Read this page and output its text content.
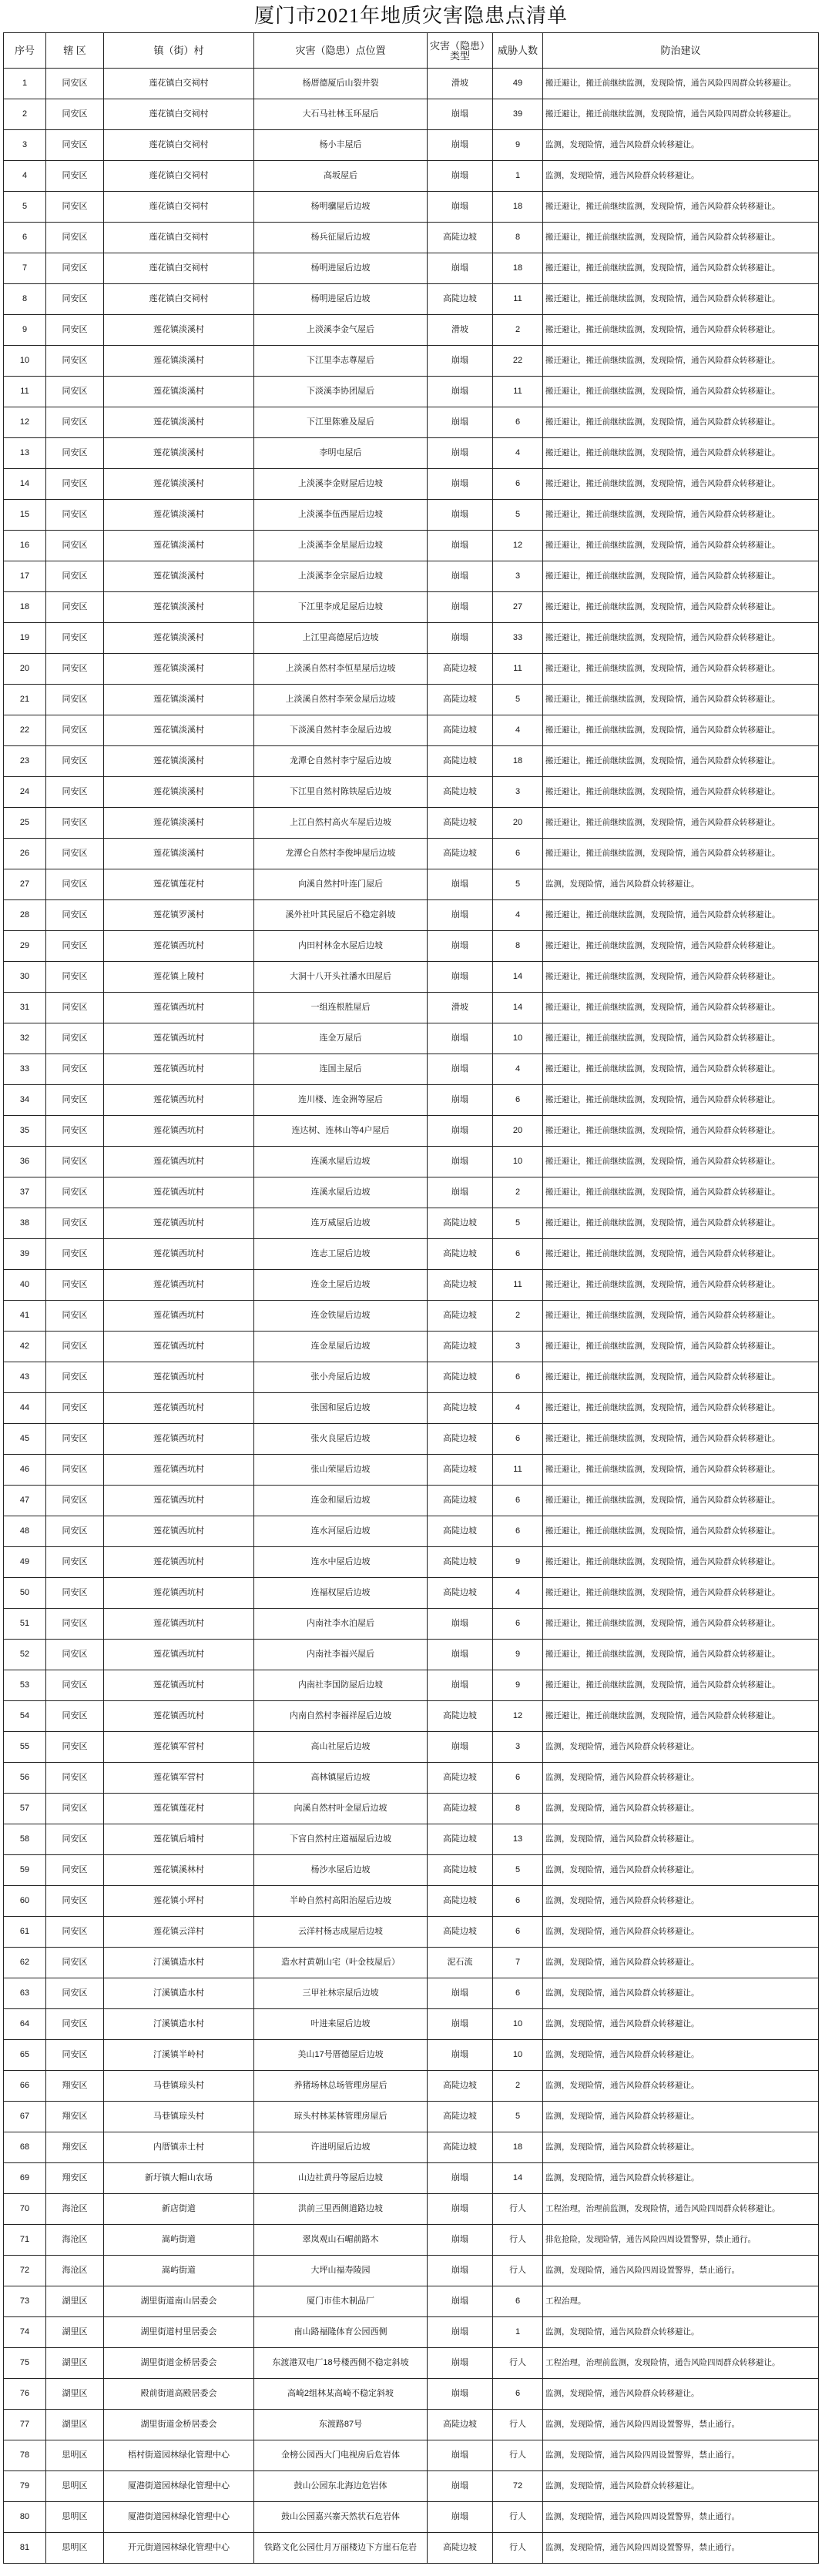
厦门市2021年地质灾害隐患点清单
序号	辖 区	镇（街）村	灾害（隐患）点位置	灾害（隐患）类型	威胁人数	防治建议
1	同安区	莲花镇白交祠村	杨厝德厦后山裂井裂	滑坡	49	搬迁避让，搬迁前继续监测，发现险情，通告风险四周群众转移避让。
2	同安区	莲花镇白交祠村	大石马社林玉环屋后	崩塌	39	搬迁避让，搬迁前继续监测，发现险情，通告风险四周群众转移避让。
3	同安区	莲花镇白交祠村	杨小丰屋后	崩塌	9	监测，发现险情，通告风险群众转移避让。
4	同安区	莲花镇白交祠村	高坂屋后	崩塌	1	监测，发现险情，通告风险群众转移避让。
5	同安区	莲花镇白交祠村	杨明骥屋后边坡	崩塌	18	搬迁避让，搬迁前继续监测，发现险情，通告风险群众转移避让。
6	同安区	莲花镇白交祠村	杨兵征屋后边坡	高陡边坡	8	搬迁避让，搬迁前继续监测，发现险情，通告风险群众转移避让。
7	同安区	莲花镇白交祠村	杨明进屋后边坡	崩塌	18	搬迁避让，搬迁前继续监测，发现险情，通告风险群众转移避让。
8	同安区	莲花镇白交祠村	杨明进屋后边坡	高陡边坡	11	搬迁避让，搬迁前继续监测，发现险情，通告风险群众转移避让。
9	同安区	莲花镇淡溪村	上淡溪李金气屋后	滑坡	2	搬迁避让，搬迁前继续监测，发现险情，通告风险群众转移避让。
10	同安区	莲花镇淡溪村	下江里李志尊屋后	崩塌	22	搬迁避让，搬迁前继续监测，发现险情，通告风险群众转移避让。
11	同安区	莲花镇淡溪村	下淡溪李协团屋后	崩塌	11	搬迁避让，搬迁前继续监测，发现险情，通告风险群众转移避让。
12	同安区	莲花镇淡溪村	下江里陈雅及屋后	崩塌	6	搬迁避让，搬迁前继续监测，发现险情，通告风险群众转移避让。
13	同安区	莲花镇淡溪村	李明屯屋后	崩塌	4	搬迁避让，搬迁前继续监测，发现险情，通告风险群众转移避让。
14	同安区	莲花镇淡溪村	上淡溪李金财屋后边坡	崩塌	6	搬迁避让，搬迁前继续监测，发现险情，通告风险群众转移避让。
15	同安区	莲花镇淡溪村	上淡溪李伍西屋后边坡	崩塌	5	搬迁避让，搬迁前继续监测，发现险情，通告风险群众转移避让。
16	同安区	莲花镇淡溪村	上淡溪李金星屋后边坡	崩塌	12	搬迁避让，搬迁前继续监测，发现险情，通告风险群众转移避让。
17	同安区	莲花镇淡溪村	上淡溪李金宗屋后边坡	崩塌	3	搬迁避让，搬迁前继续监测，发现险情，通告风险群众转移避让。
18	同安区	莲花镇淡溪村	下江里李成足屋后边坡	崩塌	27	搬迁避让，搬迁前继续监测，发现险情，通告风险群众转移避让。
19	同安区	莲花镇淡溪村	上江里高德屋后边坡	崩塌	33	搬迁避让，搬迁前继续监测，发现险情，通告风险群众转移避让。
20	同安区	莲花镇淡溪村	上淡溪自然村李恒星屋后边坡	高陡边坡	11	搬迁避让，搬迁前继续监测，发现险情，通告风险群众转移避让。
21	同安区	莲花镇淡溪村	上淡溪自然村李荣金屋后边坡	高陡边坡	5	搬迁避让，搬迁前继续监测，发现险情，通告风险群众转移避让。
22	同安区	莲花镇淡溪村	下淡溪自然村李金屋后边坡	高陡边坡	4	搬迁避让，搬迁前继续监测，发现险情，通告风险群众转移避让。
23	同安区	莲花镇淡溪村	龙潭仑自然村李宁屋后边坡	高陡边坡	18	搬迁避让，搬迁前继续监测，发现险情，通告风险群众转移避让。
24	同安区	莲花镇淡溪村	下江里自然村陈铁屋后边坡	高陡边坡	3	搬迁避让，搬迁前继续监测，发现险情，通告风险群众转移避让。
25	同安区	莲花镇淡溪村	上江自然村高火车屋后边坡	高陡边坡	20	搬迁避让，搬迁前继续监测，发现险情，通告风险群众转移避让。
26	同安区	莲花镇淡溪村	龙潭仑自然村李俊坤屋后边坡	高陡边坡	6	搬迁避让，搬迁前继续监测，发现险情，通告风险群众转移避让。
27	同安区	莲花镇莲花村	向溪自然村叶连门屋后	崩塌	5	监测，发现险情，通告风险群众转移避让。
28	同安区	莲花镇罗溪村	溪外社叶其民屋后不稳定斜坡	崩塌	4	搬迁避让，搬迁前继续监测，发现险情，通告风险群众转移避让。
29	同安区	莲花镇西坑村	内田村林金水屋后边坡	崩塌	8	搬迁避让，搬迁前继续监测，发现险情，通告风险群众转移避让。
30	同安区	莲花镇上陵村	大洞十八开头社潘水田屋后	崩塌	14	搬迁避让，搬迁前继续监测，发现险情，通告风险群众转移避让。
31	同安区	莲花镇西坑村	一组连根胜屋后	滑坡	14	搬迁避让，搬迁前继续监测，发现险情，通告风险群众转移避让。
32	同安区	莲花镇西坑村	连金万屋后	崩塌	10	搬迁避让，搬迁前继续监测，发现险情，通告风险群众转移避让。
33	同安区	莲花镇西坑村	连国主屋后	崩塌	4	搬迁避让，搬迁前继续监测，发现险情，通告风险群众转移避让。
34	同安区	莲花镇西坑村	连川楼、连金洲等屋后	崩塌	6	搬迁避让，搬迁前继续监测，发现险情，通告风险群众转移避让。
35	同安区	莲花镇西坑村	连达树、连林山等4户屋后	崩塌	20	搬迁避让，搬迁前继续监测，发现险情，通告风险群众转移避让。
36	同安区	莲花镇西坑村	连溪水屋后边坡	崩塌	10	搬迁避让，搬迁前继续监测，发现险情，通告风险群众转移避让。
37	同安区	莲花镇西坑村	连溪水屋后边坡	崩塌	2	搬迁避让，搬迁前继续监测，发现险情，通告风险群众转移避让。
38	同安区	莲花镇西坑村	连万威屋后边坡	高陡边坡	5	搬迁避让，搬迁前继续监测，发现险情，通告风险群众转移避让。
39	同安区	莲花镇西坑村	连志工屋后边坡	高陡边坡	6	搬迁避让，搬迁前继续监测，发现险情，通告风险群众转移避让。
40	同安区	莲花镇西坑村	连金土屋后边坡	高陡边坡	11	搬迁避让，搬迁前继续监测，发现险情，通告风险群众转移避让。
41	同安区	莲花镇西坑村	连金铁屋后边坡	高陡边坡	2	搬迁避让，搬迁前继续监测，发现险情，通告风险群众转移避让。
42	同安区	莲花镇西坑村	连金星屋后边坡	高陡边坡	3	搬迁避让，搬迁前继续监测，发现险情，通告风险群众转移避让。
43	同安区	莲花镇西坑村	张小舟屋后边坡	高陡边坡	6	搬迁避让，搬迁前继续监测，发现险情，通告风险群众转移避让。
44	同安区	莲花镇西坑村	张国和屋后边坡	高陡边坡	4	搬迁避让，搬迁前继续监测，发现险情，通告风险群众转移避让。
45	同安区	莲花镇西坑村	张火良屋后边坡	高陡边坡	6	搬迁避让，搬迁前继续监测，发现险情，通告风险群众转移避让。
46	同安区	莲花镇西坑村	张山荣屋后边坡	高陡边坡	11	搬迁避让，搬迁前继续监测，发现险情，通告风险群众转移避让。
47	同安区	莲花镇西坑村	连金和屋后边坡	高陡边坡	6	搬迁避让，搬迁前继续监测，发现险情，通告风险群众转移避让。
48	同安区	莲花镇西坑村	连水河屋后边坡	高陡边坡	6	搬迁避让，搬迁前继续监测，发现险情，通告风险群众转移避让。
49	同安区	莲花镇西坑村	连水中屋后边坡	高陡边坡	9	搬迁避让，搬迁前继续监测，发现险情，通告风险群众转移避让。
50	同安区	莲花镇西坑村	连福权屋后边坡	高陡边坡	4	搬迁避让，搬迁前继续监测，发现险情，通告风险群众转移避让。
51	同安区	莲花镇西坑村	内南社李水泊屋后	崩塌	6	搬迁避让，搬迁前继续监测，发现险情，通告风险群众转移避让。
52	同安区	莲花镇西坑村	内南社李福兴屋后	崩塌	9	搬迁避让，搬迁前继续监测，发现险情，通告风险群众转移避让。
53	同安区	莲花镇西坑村	内南社李国防屋后边坡	崩塌	9	搬迁避让，搬迁前继续监测，发现险情，通告风险群众转移避让。
54	同安区	莲花镇西坑村	内南自然村李福祥屋后边坡	高陡边坡	12	搬迁避让，搬迁前继续监测，发现险情，通告风险群众转移避让。
55	同安区	莲花镇军营村	高山社屋后边坡	崩塌	3	监测，发现险情，通告风险群众转移避让。
56	同安区	莲花镇军营村	高林镇屋后边坡	高陡边坡	6	监测，发现险情，通告风险群众转移避让。
57	同安区	莲花镇莲花村	向溪自然村叶金屋后边坡	高陡边坡	8	监测，发现险情，通告风险群众转移避让。
58	同安区	莲花镇后埔村	下宫自然村庄道福屋后边坡	高陡边坡	13	监测，发现险情，通告风险群众转移避让。
59	同安区	莲花镇溪林村	杨沙水屋后边坡	高陡边坡	5	监测，发现险情，通告风险群众转移避让。
60	同安区	莲花镇小坪村	半岭自然村高阳治屋后边坡	高陡边坡	6	监测，发现险情，通告风险群众转移避让。
61	同安区	莲花镇云洋村	云洋村杨志成屋后边坡	高陡边坡	6	监测，发现险情，通告风险群众转移避让。
62	同安区	汀溪镇造水村	造水村黄朝山宅（叶金枝屋后）	泥石流	7	监测，发现险情，通告风险群众转移避让。
63	同安区	汀溪镇造水村	三甲社林宗屋后边坡	崩塌	6	监测，发现险情，通告风险群众转移避让。
64	同安区	汀溪镇造水村	叶进来屋后边坡	崩塌	10	监测，发现险情，通告风险群众转移避让。
65	同安区	汀溪镇半岭村	美山17号厝德屋后边坡	崩塌	10	监测，发现险情，通告风险群众转移避让。
66	翔安区	马巷镇琼头村	养猪场林总场管理房屋后	高陡边坡	2	监测，发现险情，通告风险群众转移避让。
67	翔安区	马巷镇琼头村	琼头村林某林管理房屋后	高陡边坡	5	监测，发现险情，通告风险群众转移避让。
68	翔安区	内厝镇赤土村	许进明屋后边坡	高陡边坡	18	监测，发现险情，通告风险群众转移避让。
69	翔安区	新圩镇大帽山农场	山边社黄丹等屋后边坡	崩塌	14	监测，发现险情，通告风险群众转移避让。
70	海沧区	新店街道	洪前三里西侧道路边坡	崩塌	行人	工程治理，治理前监测，发现险情，通告风险四周群众转移避让。
71	海沧区	嵩屿街道	翠岚观山石嵋前路木	崩塌	行人	排危抢险，发现险情，通告风险四周设置警界，禁止通行。
72	海沧区	嵩屿街道	大坪山福寿陵园	崩塌	行人	监测，发现险情，通告风险四周设置警界，禁止通行。
73	湖里区	湖里街道南山居委会	厦门市佳木制品厂	崩塌	6	工程治理。
74	湖里区	湖里街道村里居委会	南山路福隆体育公园西侧	崩塌	1	监测，发现险情，通告风险群众转移避让。
75	湖里区	湖里街道金桥居委会	东渡港双电厂18号楼西侧不稳定斜坡	崩塌	行人	工程治理，治理前监测，发现险情，通告风险四周群众转移避让。
76	湖里区	殿前街道高殿居委会	高崎2组林某高崎不稳定斜坡	崩塌	6	监测，发现险情，通告风险群众转移避让。
77	湖里区	湖里街道金桥居委会	东渡路87号	高陡边坡	行人	监测，发现险情，通告风险四周设置警界，禁止通行。
78	思明区	梧村街道园林绿化管理中心	金榜公园西大门电视房后危岩体	崩塌	行人	监测，发现险情，通告风险四周设置警界，禁止通行。
79	思明区	厦港街道园林绿化管理中心	鼓山公园东北海边危岩体	崩塌	72	监测，发现险情，通告风险群众转移避让。
80	思明区	厦港街道园林绿化管理中心	鼓山公园嘉兴寨天然状石危岩体	崩塌	行人	监测，发现险情，通告风险四周设置警界，禁止通行。
81	思明区	开元街道园林绿化管理中心	铁路文化公园仕月万丽楼边下方崖石危岩	高陡边坡	行人	监测，发现险情，通告风险四周设置警界，禁止通行。
